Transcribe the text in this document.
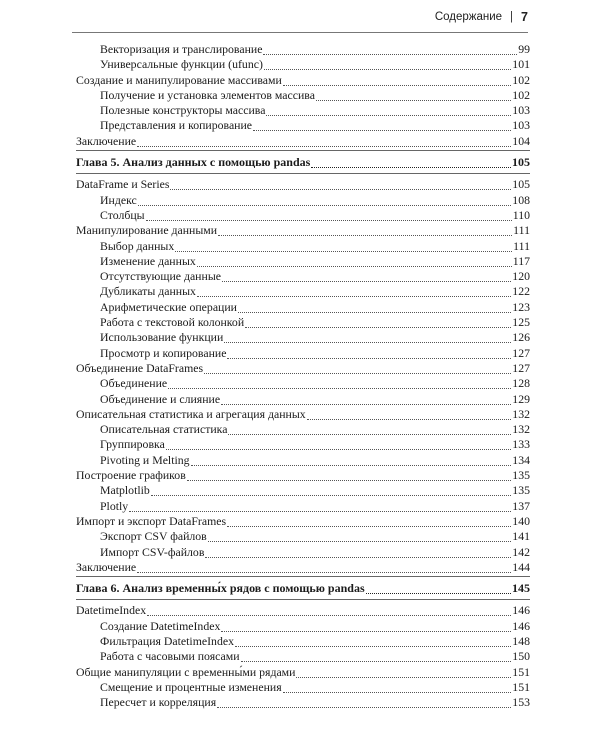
Содержание | 7
Векторизация и транслирование	99
Универсальные функции (ufunc)	101
Создание и манипулирование массивами	102
Получение и установка элементов массива	102
Полезные конструкторы массива	103
Представления и копирование	103
Заключение	104
Глава 5. Анализ данных с помощью pandas	105
DataFrame и Series	105
Индекс	108
Столбцы	110
Манипулирование данными	111
Выбор данных	111
Изменение данных	117
Отсутствующие данные	120
Дубликаты данных	122
Арифметические операции	123
Работа с текстовой колонкой	125
Использование функции	126
Просмотр и копирование	127
Объединение DataFrames	127
Объединение	128
Объединение и слияние	129
Описательная статистика и агрегация данных	132
Описательная статистика	132
Группировка	133
Pivoting и Melting	134
Построение графиков	135
Matplotlib	135
Plotly	137
Импорт и экспорт DataFrames	140
Экспорт CSV файлов	141
Импорт CSV-файлов	142
Заключение	144
Глава 6. Анализ временны́х рядов с помощью pandas	145
DatetimeIndex	146
Создание DatetimeIndex	146
Фильтрация DatetimeIndex	148
Работа с часовыми поясами	150
Общие манипуляции с временны́ми рядами	151
Смещение и процентные изменения	151
Пересчет и корреляция	153
